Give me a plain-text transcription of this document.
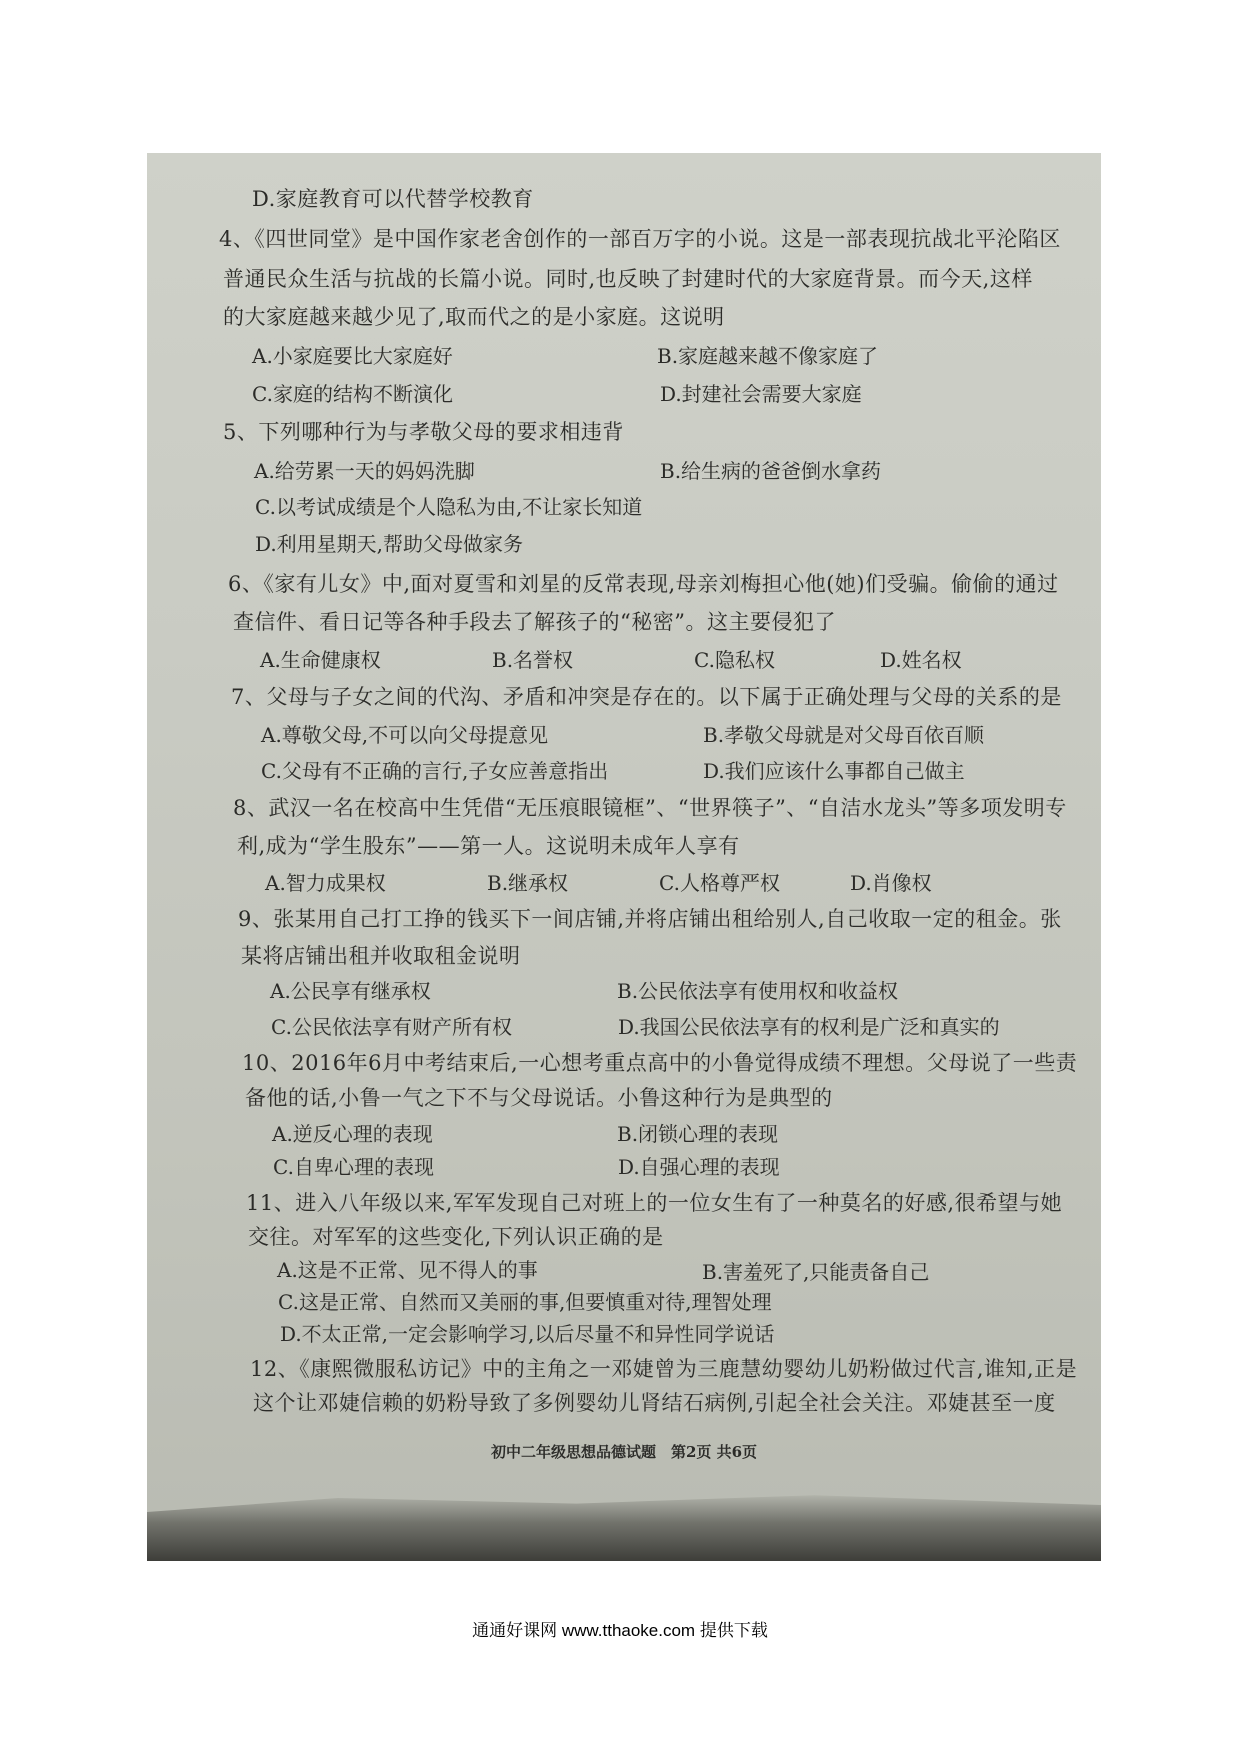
D.家庭教育可以代替学校教育
4、《四世同堂》是中国作家老舍创作的一部百万字的小说。这是一部表现抗战北平沦陷区
普通民众生活与抗战的长篇小说。同时,也反映了封建时代的大家庭背景。而今天,这样
的大家庭越来越少见了,取而代之的是小家庭。这说明
A.小家庭要比大家庭好	B.家庭越来越不像家庭了
C.家庭的结构不断演化	D.封建社会需要大家庭
5、下列哪种行为与孝敬父母的要求相违背
A.给劳累一天的妈妈洗脚	B.给生病的爸爸倒水拿药
C.以考试成绩是个人隐私为由,不让家长知道
D.利用星期天,帮助父母做家务
6、《家有儿女》中,面对夏雪和刘星的反常表现,母亲刘梅担心他(她)们受骗。偷偷的通过
查信件、看日记等各种手段去了解孩子的“秘密”。这主要侵犯了
A.生命健康权	B.名誉权	C.隐私权	D.姓名权
7、父母与子女之间的代沟、矛盾和冲突是存在的。以下属于正确处理与父母的关系的是
A.尊敬父母,不可以向父母提意见	B.孝敬父母就是对父母百依百顺
C.父母有不正确的言行,子女应善意指出	D.我们应该什么事都自己做主
8、武汉一名在校高中生凭借“无压痕眼镜框”、“世界筷子”、“自洁水龙头”等多项发明专
利,成为“学生股东”——第一人。这说明未成年人享有
A.智力成果权	B.继承权	C.人格尊严权	D.肖像权
9、张某用自己打工挣的钱买下一间店铺,并将店铺出租给别人,自己收取一定的租金。张
某将店铺出租并收取租金说明
A.公民享有继承权	B.公民依法享有使用权和收益权
C.公民依法享有财产所有权	D.我国公民依法享有的权利是广泛和真实的
10、2016年6月中考结束后,一心想考重点高中的小鲁觉得成绩不理想。父母说了一些责
备他的话,小鲁一气之下不与父母说话。小鲁这种行为是典型的
A.逆反心理的表现	B.闭锁心理的表现
C.自卑心理的表现	D.自强心理的表现
11、进入八年级以来,军军发现自己对班上的一位女生有了一种莫名的好感,很希望与她
交往。对军军的这些变化,下列认识正确的是
A.这是不正常、见不得人的事	B.害羞死了,只能责备自己
C.这是正常、自然而又美丽的事,但要慎重对待,理智处理
D.不太正常,一定会影响学习,以后尽量不和异性同学说话
12、《康熙微服私访记》中的主角之一邓婕曾为三鹿慧幼婴幼儿奶粉做过代言,谁知,正是
这个让邓婕信赖的奶粉导致了多例婴幼儿肾结石病例,引起全社会关注。邓婕甚至一度
初中二年级思想品德试题　第2页 共6页
通通好课网 www.tthaoke.com 提供下载
